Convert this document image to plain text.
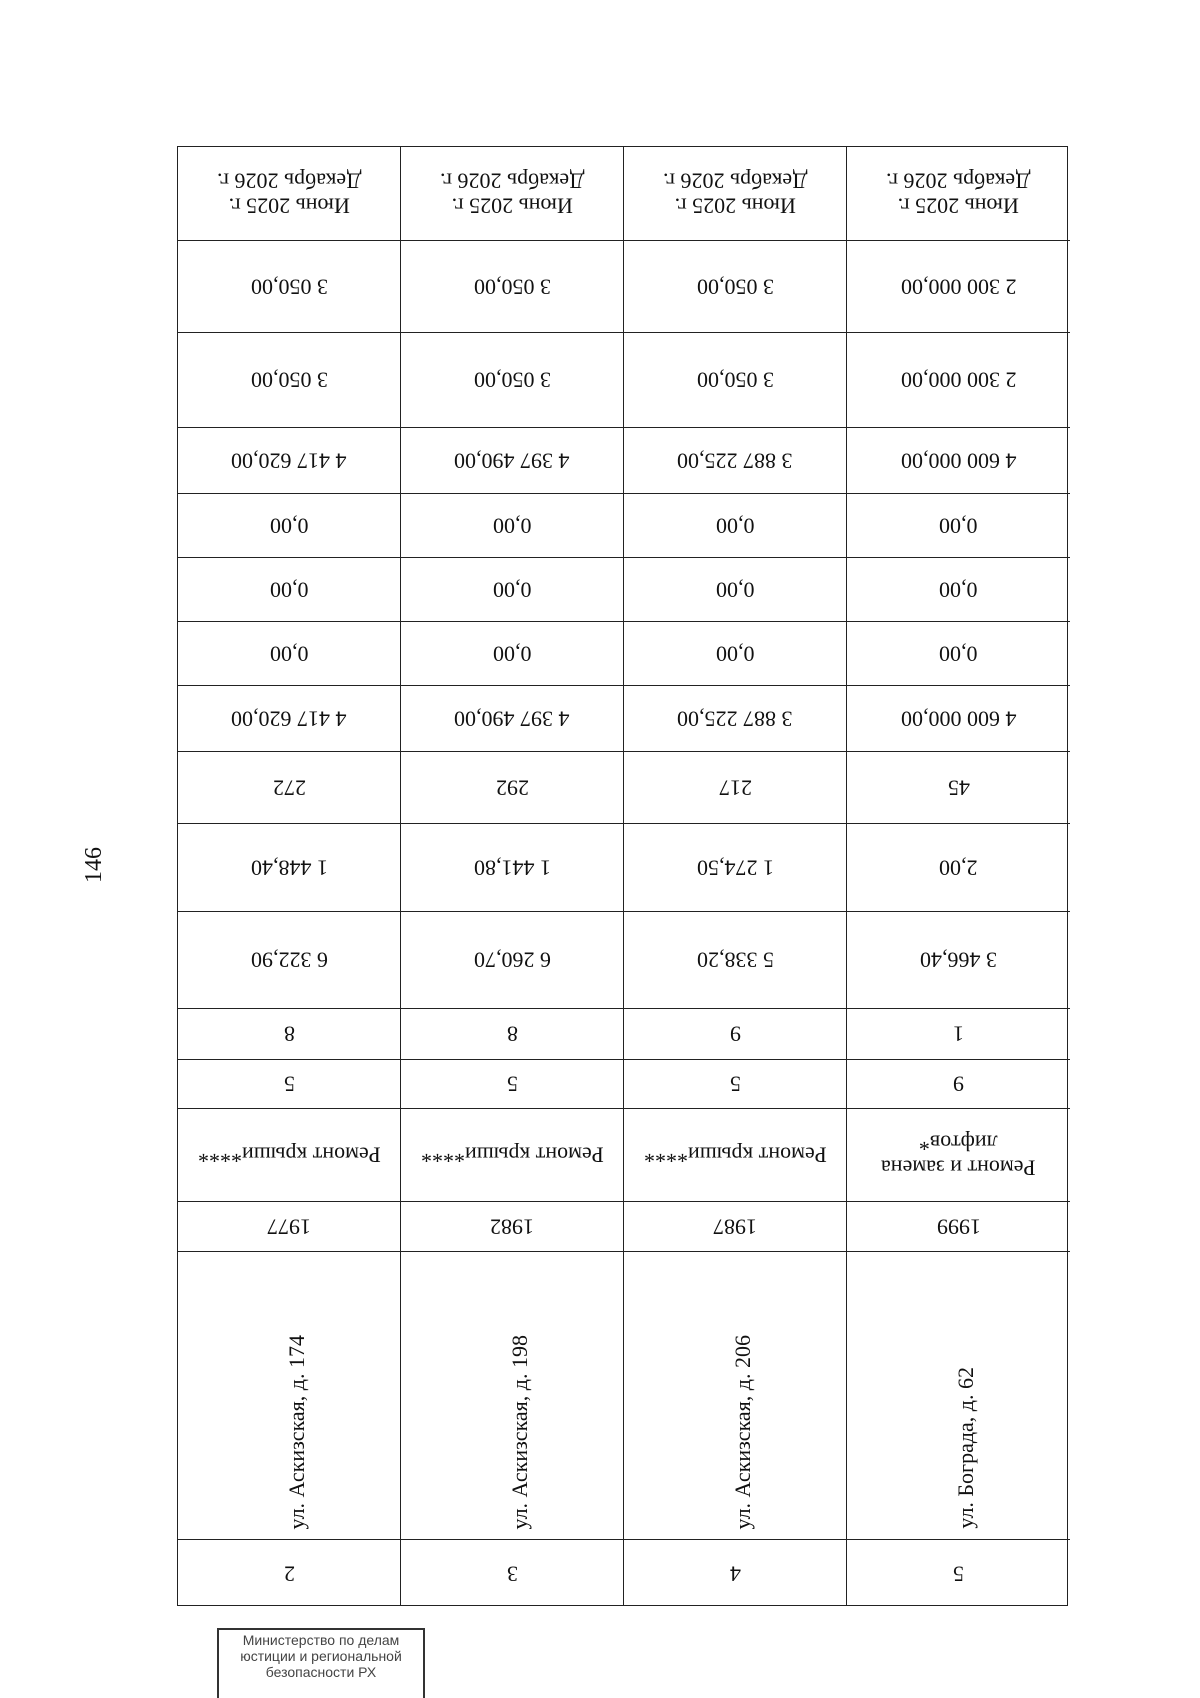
146
Июнь 2025 г.
Декабрь 2026 г.
3 050,00
3 050,00
4 417 620,00
0,00
0,00
0,00
4 417 620,00
272
1 448,40
6 322,90
8
5
Ремонт крыши****
1977
ул. Аскизская, д. 174
2
Июнь 2025 г.
Декабрь 2026 г.
3 050,00
3 050,00
4 397 490,00
0,00
0,00
0,00
4 397 490,00
292
1 441,80
6 260,70
8
5
Ремонт крыши****
1982
ул. Аскизская, д. 198
3
Июнь 2025 г.
Декабрь 2026 г.
3 050,00
3 050,00
3 887 225,00
0,00
0,00
0,00
3 887 225,00
217
1 274,50
5 338,20
9
5
Ремонт крыши****
1987
ул. Аскизская, д. 206
4
Июнь 2025 г.
Декабрь 2026 г.
2 300 000,00
2 300 000,00
4 600 000,00
0,00
0,00
0,00
4 600 000,00
45
2,00
3 466,40
1
9
Ремонт и замена
лифтов*
1999
ул. Бограда, д. 62
5
Министерство по делам
юстиции и региональной
безопасности РХ
